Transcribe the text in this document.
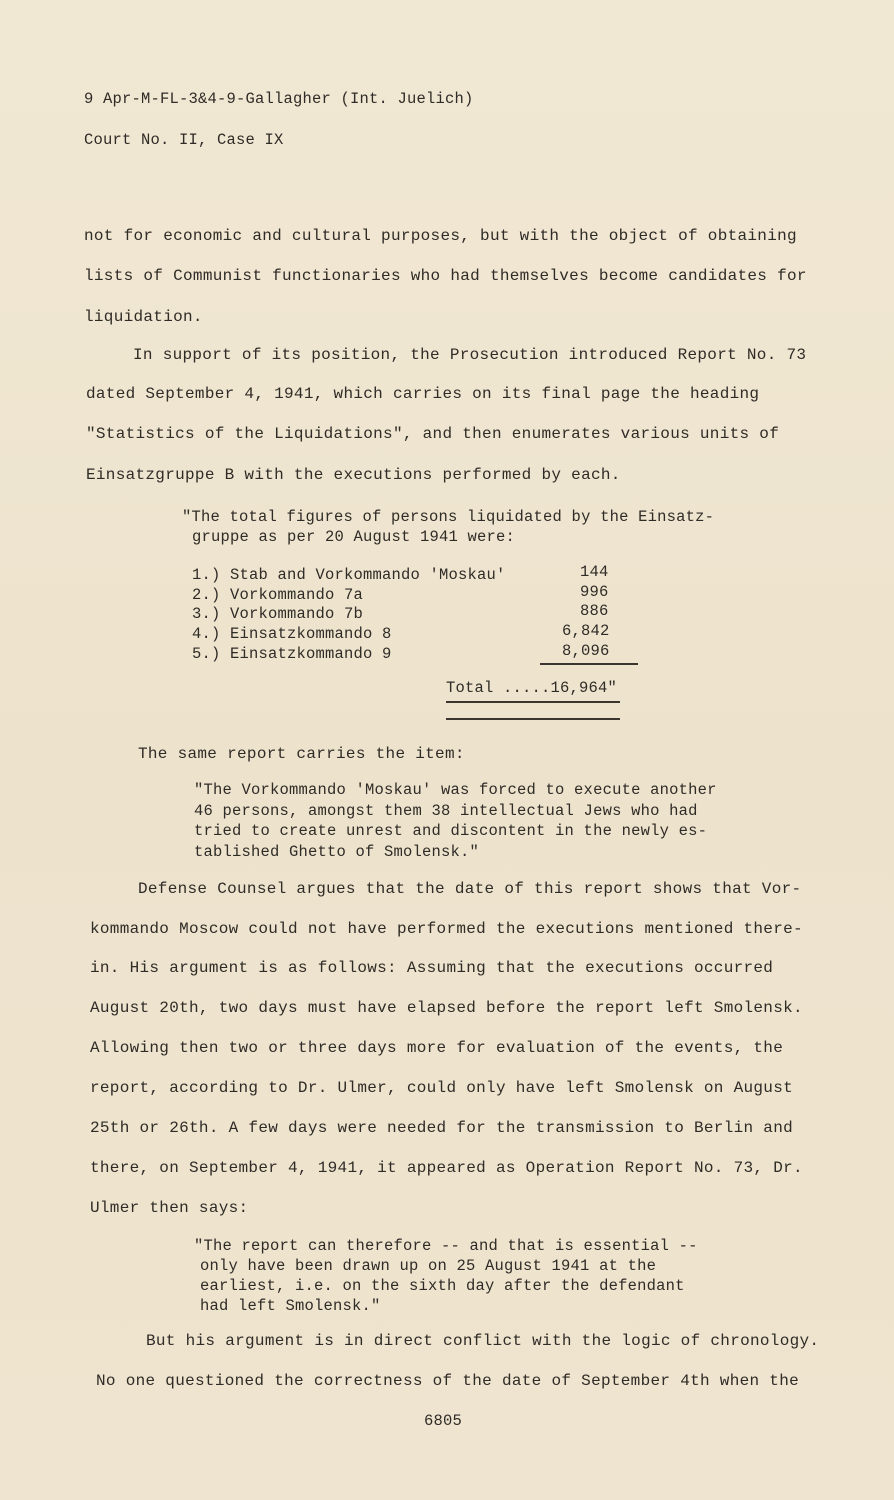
9 Apr-M-FL-3&4-9-Gallagher (Int. Juelich)
Court No. II, Case IX
not for economic and cultural purposes, but with the object of obtaining
lists of Communist functionaries who had themselves become candidates for
liquidation.
In support of its position, the Prosecution introduced Report No. 73
dated September 4, 1941, which carries on its final page the heading
"Statistics of the Liquidations", and then enumerates various units of
Einsatzgruppe B with the executions performed by each.
"The total figures of persons liquidated by the Einsatz-
gruppe as per 20 August 1941 were:
1.) Stab and Vorkommando 'Moskau'	144
2.) Vorkommando 7a	996
3.) Vorkommando 7b	886
4.) Einsatzkommando 8	6,842
5.) Einsatzkommando 9	8,096
Total .....16,964"
The same report carries the item:
"The Vorkommando 'Moskau' was forced to execute another
46 persons, amongst them 38 intellectual Jews who had
tried to create unrest and discontent in the newly es-
tablished Ghetto of Smolensk."
Defense Counsel argues that the date of this report shows that Vor-
kommando Moscow could not have performed the executions mentioned there-
in. His argument is as follows: Assuming that the executions occurred
August 20th, two days must have elapsed before the report left Smolensk.
Allowing then two or three days more for evaluation of the events, the
report, according to Dr. Ulmer, could only have left Smolensk on August
25th or 26th. A few days were needed for the transmission to Berlin and
there, on September 4, 1941, it appeared as Operation Report No. 73, Dr.
Ulmer then says:
"The report can therefore -- and that is essential --
only have been drawn up on 25 August 1941 at the
earliest, i.e. on the sixth day after the defendant
had left Smolensk."
But his argument is in direct conflict with the logic of chronology.
No one questioned the correctness of the date of September 4th when the
6805
